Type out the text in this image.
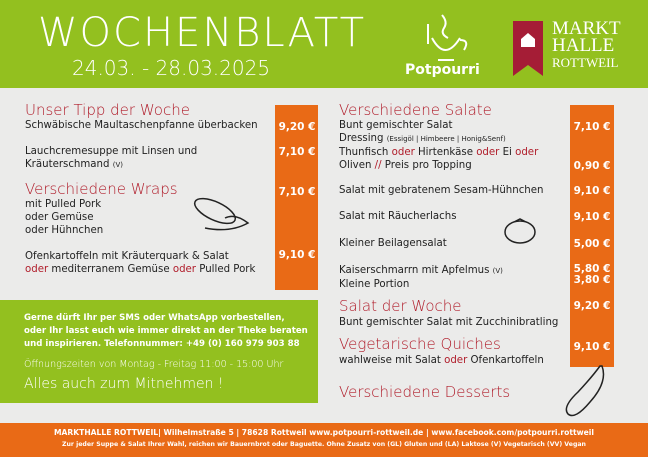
WOCHENBLATT
24.03. - 28.03.2025	Potpourri
MARKT
HALLE
ROTTWEIL
Unser Tipp der Woche
Schwäbische Maultaschenpfanne überbacken	9,20 €
Lauchcremesuppe mit Linsen und
Kräuterschmand (V)
7,10 €
Verschiedene Wraps
mit Pulled Pork
oder Gemüse
oder Hühnchen
7,10 €
Ofenkartoffeln mit Kräuterquark & Salat
oder mediterranem Gemüse oder Pulled Pork
9,10 €
Gerne dürft Ihr per SMS oder WhatsApp vorbestellen,
oder Ihr lasst euch wie immer direkt an der Theke beraten
und inspirieren. Telefonnummer: +49 (0) 160 979 903 88
Öffnungszeiten von Montag - Freitag 11:00 - 15:00 Uhr
Alles auch zum Mitnehmen !
Verschiedene Salate
Bunt gemischter Salat
Dressing (Essigöl | Himbeere | Honig&Senf)
Thunfisch oder Hirtenkäse oder Ei oder
Oliven // Preis pro Topping
7,10 €
0,90 €
Salat mit gebratenem Sesam-Hühnchen	9,10 €
Salat mit Räucherlachs	9,10 €
Kleiner Beilagensalat	5,00 €
Kaiserschmarrn mit Apfelmus (V)
Kleine Portion
5,80 €
3,80 €
Salat der Woche
Bunt gemischter Salat mit Zucchinibratling
9,20 €
Vegetarische Quiches
wahlweise mit Salat oder Ofenkartoffeln
9,10 €
Verschiedene Desserts
MARKTHALLE ROTTWEIL| Wilhelmstraße 5 | 78628 Rottweil www.potpourri-rottweil.de | www.facebook.com/potpourri.rottweil
Zur jeder Suppe & Salat Ihrer Wahl, reichen wir Bauernbrot oder Baguette. Ohne Zusatz von (GL) Gluten und (LA) Laktose (V) Vegetarisch (VV) Vegan
